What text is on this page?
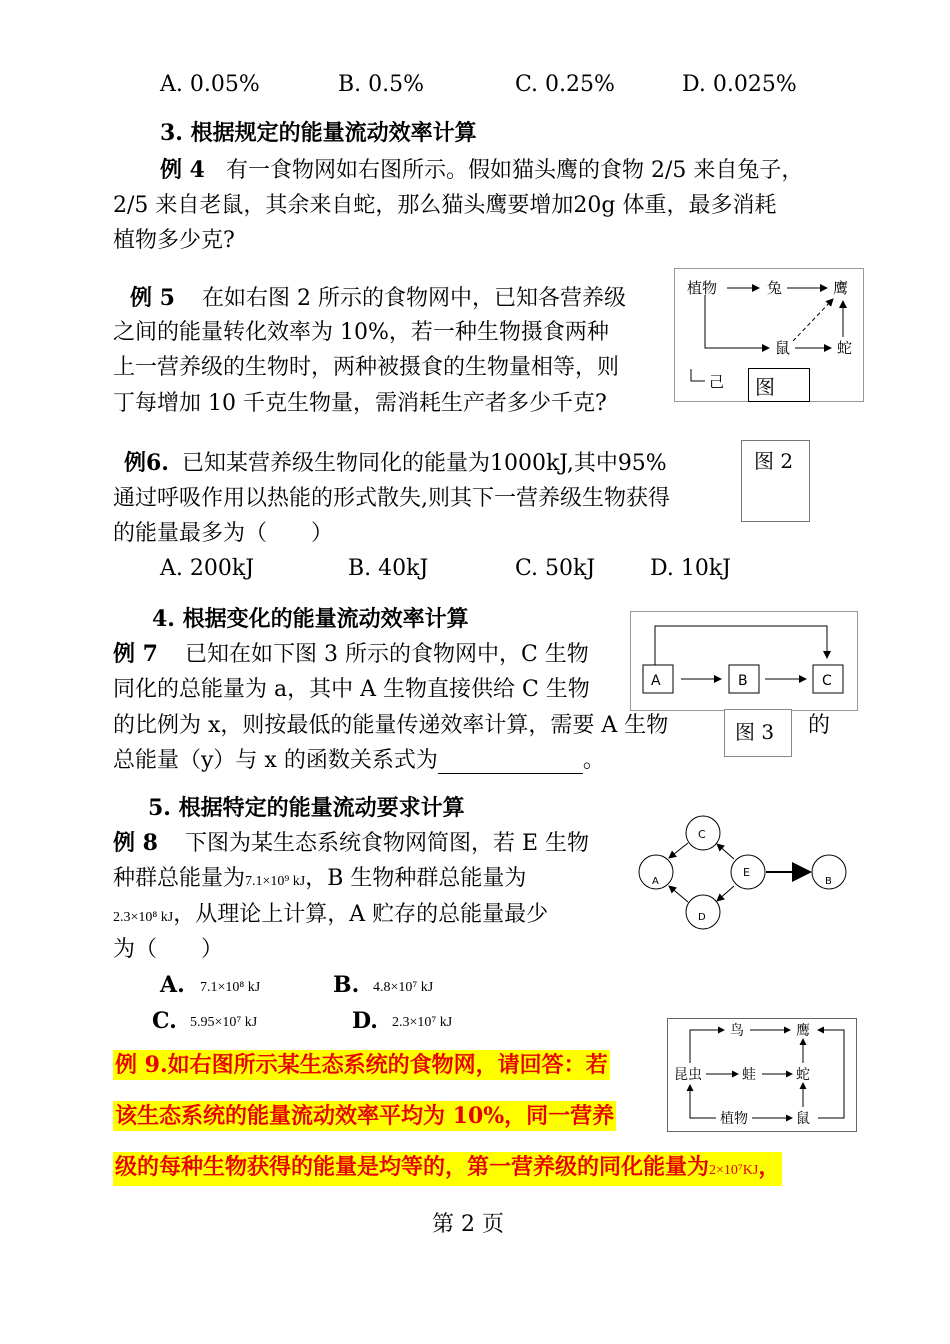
A. 0.05%	B. 0.5%	C. 0.25%	D. 0.025%
3. 根据规定的能量流动效率计算
例 4 有一食物网如右图所示。假如猫头鹰的食物 2/5 来自兔子，
2/5 来自老鼠，其余来自蛇，那么猫头鹰要增加20g 体重，最多消耗
植物多少克?
例 5 在如右图 2 所示的食物网中，已知各营养级
之间的能量转化效率为 10%，若一种生物摄食两种
上一营养级的生物时，两种被摄食的生物量相等，则
丁每增加 10 千克生物量，需消耗生产者多少千克?
植物	兔	鹰
鼠	蛇
己	图
图 2
例6. 已知某营养级生物同化的能量为1000kJ,其中95%
通过呼吸作用以热能的形式散失,则其下一营养级生物获得
的能量最多为（　　）
A. 200kJ	B. 40kJ	C. 50kJ D. 10kJ
4. 根据变化的能量流动效率计算
例 7 已知在如下图 3 所示的食物网中，C 生物
同化的总能量为 a，其中 A 生物直接供给 C 生物
的比例为 x，则按最低的能量传递效率计算，需要 A 生物	的
总能量（y）与 x 的函数关系式为	。
A	B	C
图 3
5. 根据特定的能量流动要求计算
例 8 下图为某生态系统食物网简图，若 E 生物
种群总能量为7.1×10⁹ kJ，B 生物种群总能量为
2.3×10⁸ kJ，从理论上计算，A 贮存的总能量最少
为（　　）
A. 7.1×10⁸ kJ	B. 4.8×10⁷ kJ
C. 5.95×10⁷ kJ	D. 2.3×10⁷ kJ
C
A
E
B
D
鸟	鹰
昆虫	蛙	蛇
植物	鼠
例 9.如右图所示某生态系统的食物网，请回答：若
该生态系统的能量流动效率平均为 10%，同一营养
级的每种生物获得的能量是均等的，第一营养级的同化能量为2×10⁷KJ，
第 2 页
